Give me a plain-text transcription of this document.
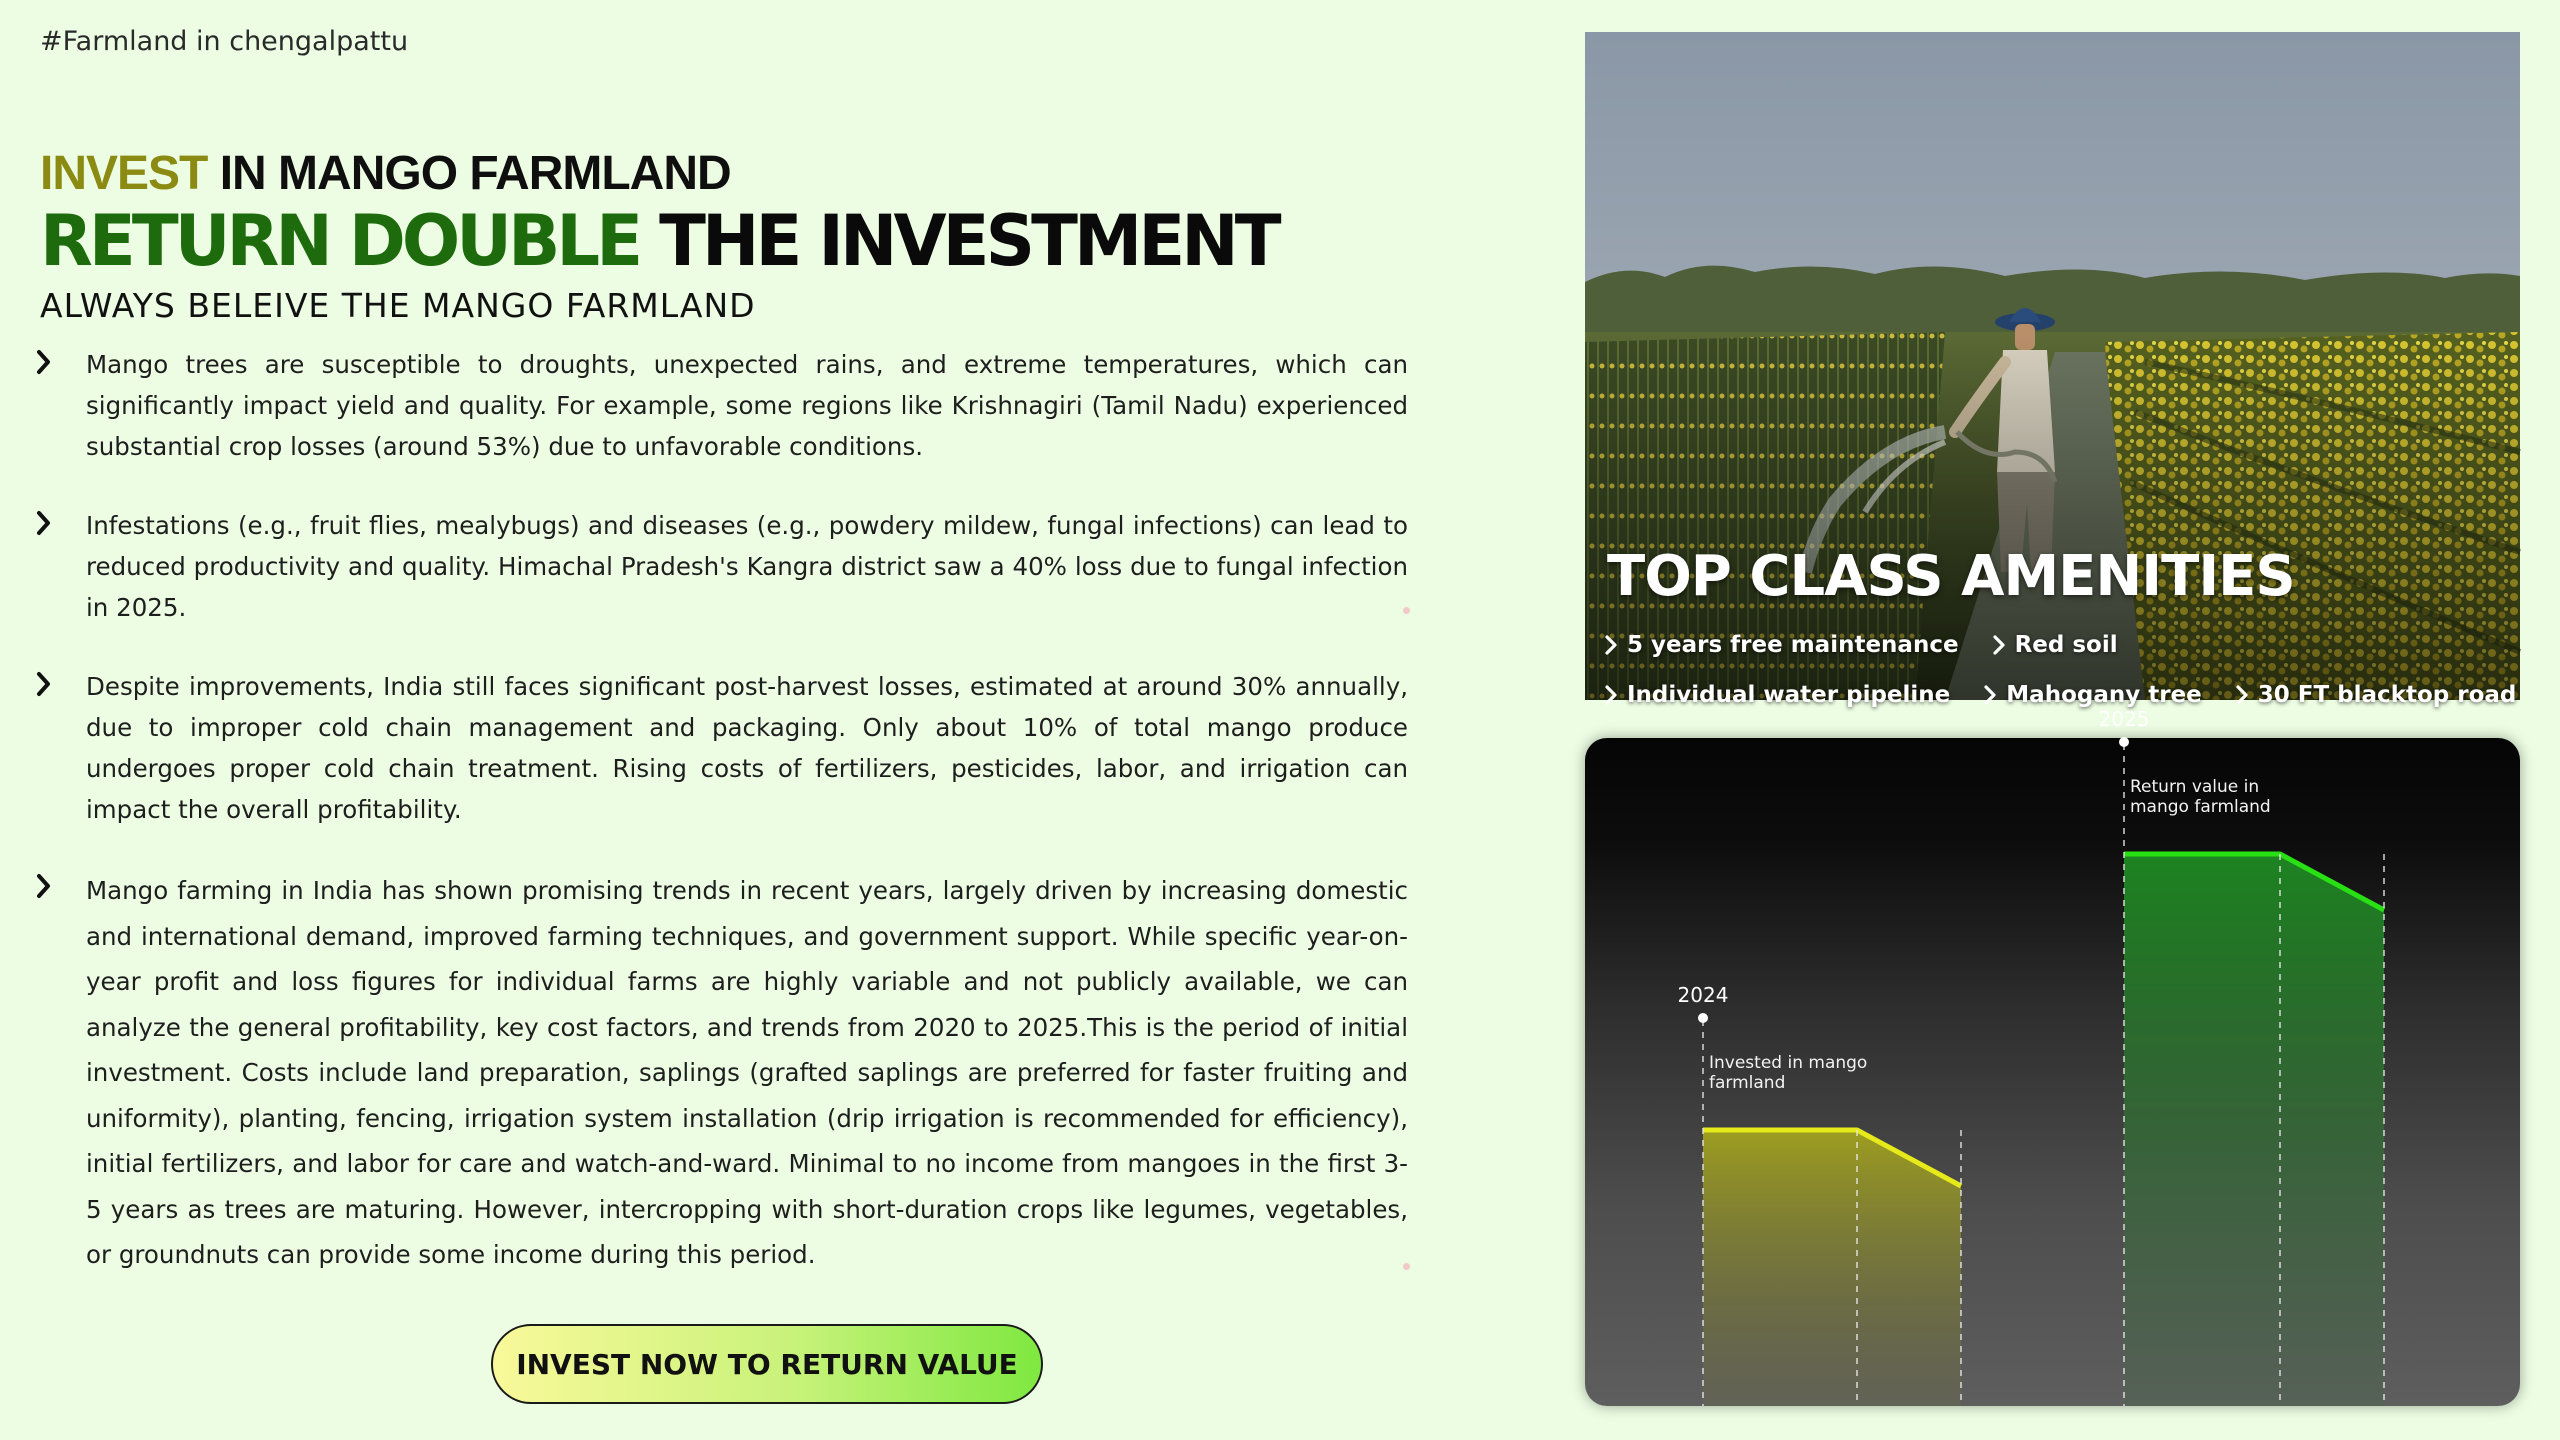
#Farmland in chengalpattu
INVEST IN MANGO FARMLAND
RETURN DOUBLE THE INVESTMENT
ALWAYS BELEIVE THE MANGO FARMLAND

Mango trees are susceptible to droughts, unexpected rains, and extreme temperatures, which can significantly impact yield and quality. For example, some regions like Krishnagiri (Tamil Nadu) experienced substantial crop losses (around 53%) due to unfavorable conditions.

Infestations (e.g., fruit flies, mealybugs) and diseases (e.g., powdery mildew, fungal infections) can lead to reduced productivity and quality. Himachal Pradesh's Kangra district saw a 40% loss due to fungal infection in 2025.

Despite improvements, India still faces significant post-harvest losses, estimated at around 30% annually, due to improper cold chain management and packaging. Only about 10% of total mango produce undergoes proper cold chain treatment. Rising costs of fertilizers, pesticides, labor, and irrigation can impact the overall profitability.

Mango farming in India has shown promising trends in recent years, largely driven by increasing domestic and international demand, improved farming techniques, and government support. While specific year-on-year profit and loss figures for individual farms are highly variable and not publicly available, we can analyze the general profitability, key cost factors, and trends from 2020 to 2025.This is the period of initial investment. Costs include land preparation, saplings (grafted saplings are preferred for faster fruiting and uniformity), planting, fencing, irrigation system installation (drip irrigation is recommended for efficiency), initial fertilizers, and labor for care and watch-and-ward. Minimal to no income from mangoes in the first 3-5 years as trees are maturing. However, intercropping with short-duration crops like legumes, vegetables, or groundnuts can provide some income during this period.

INVEST NOW TO RETURN VALUE
TOP CLASS AMENITIES
5 years free maintenance Red soil
Individual water pipeline Mahogany tree 30 FT blacktop road
2024
Invested in mango
farmland
2025
Return value in
mango farmland
